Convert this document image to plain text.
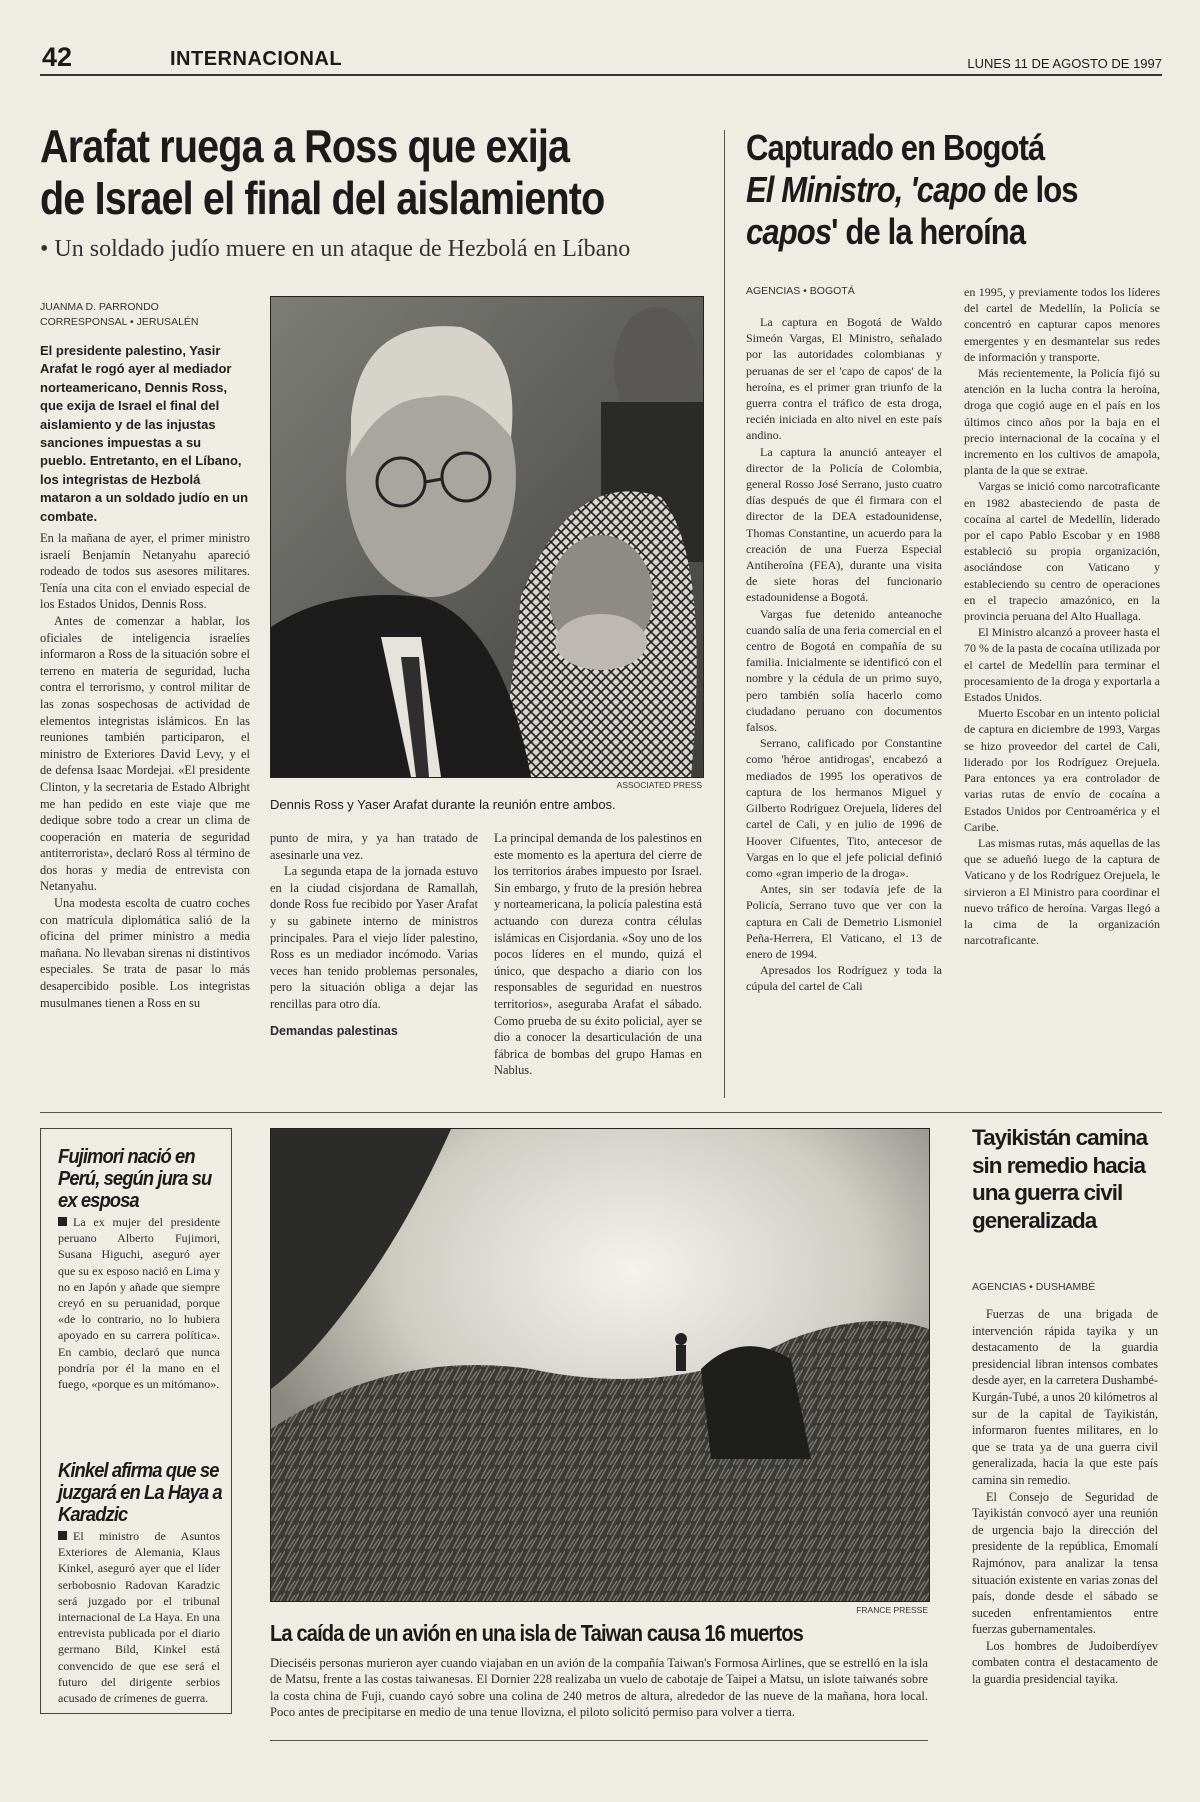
42	INTERNACIONAL	LUNES 11 DE AGOSTO DE 1997
Arafat ruega a Ross que exija
de Israel el final del aislamiento
• Un soldado judío muere en un ataque de Hezbolá en Líbano
JUANMA D. PARRONDO
CORRESPONSAL • JERUSALÉN
El presidente palestino, Yasir Arafat le rogó ayer al mediador norteamericano, Dennis Ross, que exija de Israel el final del aislamiento y de las injustas sanciones impuestas a su pueblo. Entretanto, en el Líbano, los integristas de Hezbolá mataron a un soldado judío en un combate.
ASSOCIATED PRESS
Dennis Ross y Yaser Arafat durante la reunión entre ambos.

En la mañana de ayer, el primer ministro israelí Benjamín Netanyahu apareció rodeado de todos sus asesores militares. Tenía una cita con el enviado especial de los Estados Unidos, Dennis Ross.

Antes de comenzar a hablar, los oficiales de inteligencia israelíes informaron a Ross de la situación sobre el terreno en materia de seguridad, lucha contra el terrorismo, y control militar de las zonas sospechosas de actividad de elementos integristas islámicos. En las reuniones también participaron, el ministro de Exteriores David Levy, y el de defensa Isaac Mordejai. «El presidente Clinton, y la secretaria de Estado Albright me han pedido en este viaje que me dedique sobre todo a crear un clima de cooperación en materia de seguridad antiterrorista», declaró Ross al término de dos horas y media de entrevista con Netanyahu.

Una modesta escolta de cuatro coches con matrícula diplomática salió de la oficina del primer ministro a media mañana. No llevaban sirenas ni distintivos especiales. Se trata de pasar lo más desapercibido posible. Los integristas musulmanes tienen a Ross en su

punto de mira, y ya han tratado de asesinarle una vez.

La segunda etapa de la jornada estuvo en la ciudad cisjordana de Ramallah, donde Ross fue recibido por Yaser Arafat y su gabinete interno de ministros principales. Para el viejo líder palestino, Ross es un mediador incómodo. Varias veces han tenido problemas personales, pero la situación obliga a dejar las rencillas para otro día.

Demandas palestinas

La principal demanda de los palestinos en este momento es la apertura del cierre de los territorios árabes impuesto por Israel. Sin embargo, y fruto de la presión hebrea y norteamericana, la policía palestina está actuando con dureza contra células islámicas en Cisjordania. «Soy uno de los pocos líderes en el mundo, quizá el único, que despacho a diario con los responsables de seguridad en nuestros territorios», aseguraba Arafat el sábado. Como prueba de su éxito policial, ayer se dio a conocer la desarticulación de una fábrica de bombas del grupo Hamas en Nablus.

Capturado en Bogotá
El Ministro, 'capo de los
capos' de la heroína
AGENCIAS • BOGOTÁ

La captura en Bogotá de Waldo Simeón Vargas, El Ministro, señalado por las autoridades colombianas y peruanas de ser el 'capo de capos' de la heroína, es el primer gran triunfo de la guerra contra el tráfico de esta droga, recién iniciada en alto nivel en este país andino.

La captura la anunció anteayer el director de la Policía de Colombia, general Rosso José Serrano, justo cuatro días después de que él firmara con el director de la DEA estadounidense, Thomas Constantine, un acuerdo para la creación de una Fuerza Especial Antiheroína (FEA), durante una visita de siete horas del funcionario estadounidense a Bogotá.

Vargas fue detenido anteanoche cuando salía de una feria comercial en el centro de Bogotá en compañía de su familia. Inicialmente se identificó con el nombre y la cédula de un primo suyo, pero también solía hacerlo como ciudadano peruano con documentos falsos.

Serrano, calificado por Constantine como 'héroe antidrogas', encabezó a mediados de 1995 los operativos de captura de los hermanos Miguel y Gilberto Rodríguez Orejuela, líderes del cartel de Cali, y en julio de 1996 de Hoover Cifuentes, Tito, antecesor de Vargas en lo que el jefe policial definió como «gran imperio de la droga».

Antes, sin ser todavía jefe de la Policía, Serrano tuvo que ver con la captura en Cali de Demetrio Lismoniel Peña-Herrera, El Vaticano, el 13 de enero de 1994.

Apresados los Rodríguez y toda la cúpula del cartel de Cali

en 1995, y previamente todos los líderes del cartel de Medellín, la Policía se concentró en capturar capos menores emergentes y en desmantelar sus redes de información y transporte.

Más recientemente, la Policía fijó su atención en la lucha contra la heroína, droga que cogió auge en el país en los últimos cinco años por la baja en el precio internacional de la cocaína y el incremento en los cultivos de amapola, planta de la que se extrae.

Vargas se inició como narcotraficante en 1982 abasteciendo de pasta de cocaína al cartel de Medellín, liderado por el capo Pablo Escobar y en 1988 estableció su propia organización, asociándose con Vaticano y estableciendo su centro de operaciones en el trapecio amazónico, en la provincia peruana del Alto Huallaga.

El Ministro alcanzó a proveer hasta el 70 % de la pasta de cocaína utilizada por el cartel de Medellín para terminar el procesamiento de la droga y exportarla a Estados Unidos.

Muerto Escobar en un intento policial de captura en diciembre de 1993, Vargas se hizo proveedor del cartel de Cali, liderado por los Rodríguez Orejuela. Para entonces ya era controlador de varias rutas de envío de cocaína a Estados Unidos por Centroamérica y el Caribe.

Las mismas rutas, más aquellas de las que se adueñó luego de la captura de Vaticano y de los Rodríguez Orejuela, le sirvieron a El Ministro para coordinar el nuevo tráfico de heroína. Vargas llegó a la cima de la organización narcotraficante.

Fujimori nació en Perú, según jura su ex esposa
La ex mujer del presidente peruano Alberto Fujimori, Susana Higuchi, aseguró ayer que su ex esposo nació en Lima y no en Japón y añade que siempre creyó en su peruanidad, porque «de lo contrario, no lo hubiera apoyado en su carrera política». En cambio, declaró que nunca pondría por él la mano en el fuego, «porque es un mitómano».
Kinkel afirma que se juzgará en La Haya a Karadzic
El ministro de Asuntos Exteriores de Alemania, Klaus Kinkel, aseguró ayer que el líder serbobosnio Radovan Karadzic será juzgado por el tribunal internacional de La Haya. En una entrevista publicada por el diario germano Bild, Kinkel está convencido de que ese será el futuro del dirigente serbios acusado de crímenes de guerra.
FRANCE PRESSE
La caída de un avión en una isla de Taiwan causa 16 muertos
Dieciséis personas murieron ayer cuando viajaban en un avión de la compañía Taiwan's Formosa Airlines, que se estrelló en la isla de Matsu, frente a las costas taiwanesas. El Dornier 228 realizaba un vuelo de cabotaje de Taipei a Matsu, un islote taiwanés sobre la costa china de Fuji, cuando cayó sobre una colina de 240 metros de altura, alrededor de las nueve de la mañana, hora local. Poco antes de precipitarse en medio de una tenue llovizna, el piloto solicitó permiso para volver a tierra.
Tayikistán camina sin remedio hacia una guerra civil generalizada
AGENCIAS • DUSHAMBÉ

Fuerzas de una brigada de intervención rápida tayika y un destacamento de la guardia presidencial libran intensos combates desde ayer, en la carretera Dushambé-Kurgán-Tubé, a unos 20 kilómetros al sur de la capital de Tayikistán, informaron fuentes militares, en lo que se trata ya de una guerra civil generalizada, hacia la que este país camina sin remedio.

El Consejo de Seguridad de Tayikistán convocó ayer una reunión de urgencia bajo la dirección del presidente de la república, Emomalí Rajmónov, para analizar la tensa situación existente en varias zonas del país, donde desde el sábado se suceden enfrentamientos entre fuerzas gubernamentales.

Los hombres de Judoiberdíyev combaten contra el destacamento de la guardia presidencial tayika.
